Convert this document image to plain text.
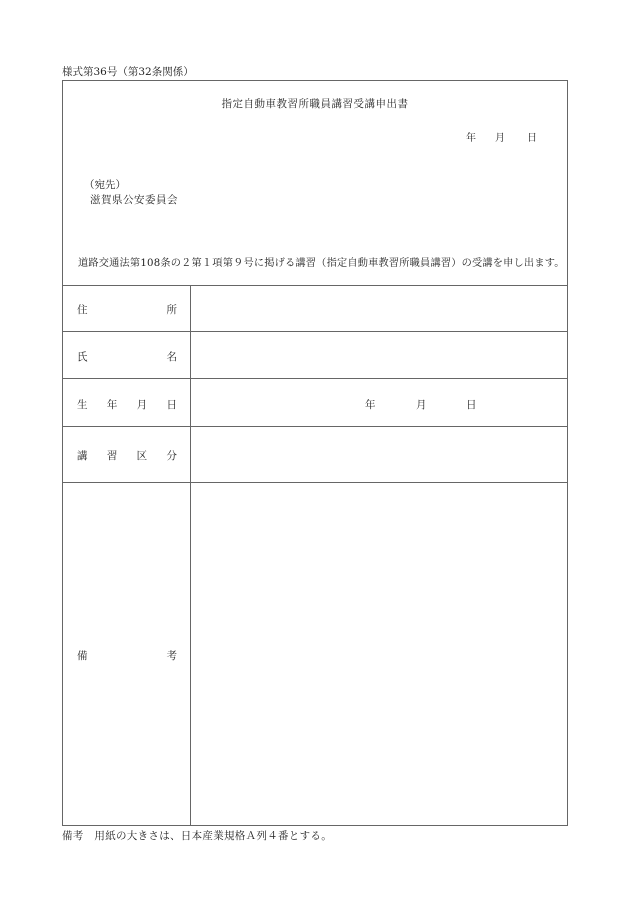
様式第36号（第32条関係）
指定自動車教習所職員講習受講申出書
年 月 日
（宛先）
滋賀県公安委員会
道路交通法第108条の２第１項第９号に掲げる講習（指定自動車教習所職員講習）の受講を申し出ます。
住	所
氏	名
生 年 月 日	年	月	日
講 習 区 分
備	考
備考　用紙の大きさは、日本産業規格Ａ列４番とする。
